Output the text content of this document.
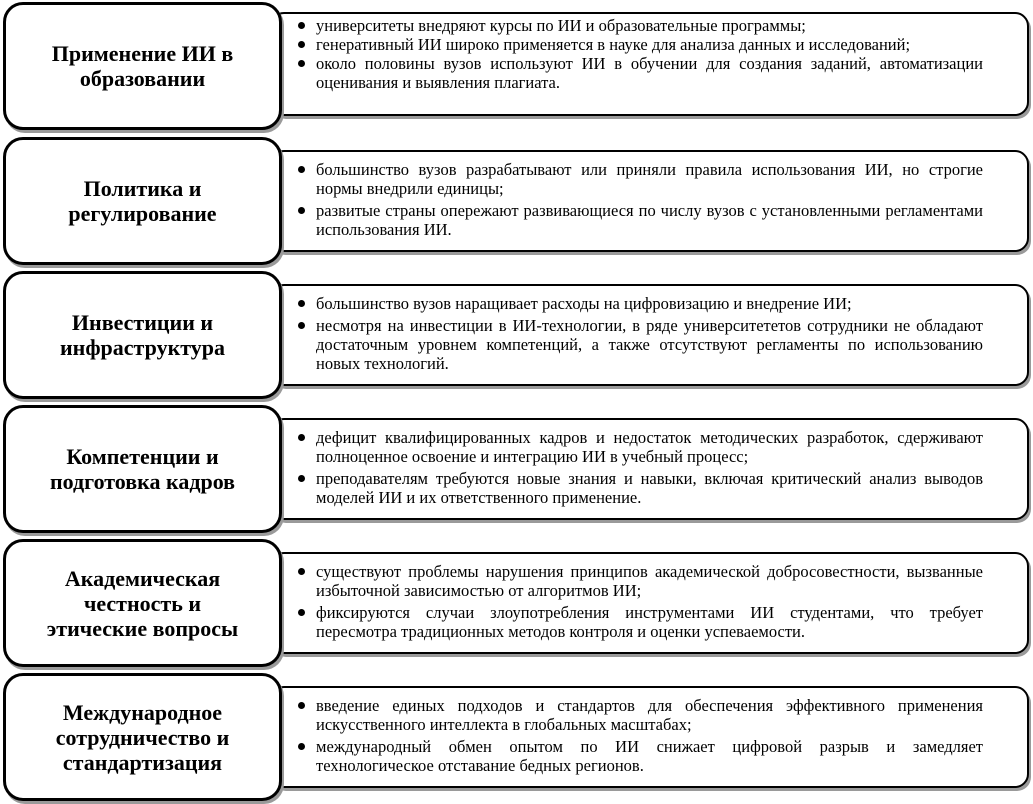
Применение ИИ в образовании
университеты внедряют курсы по ИИ и образовательные программы;
генеративный ИИ широко применяется в науке для анализа данных и исследований;
около половины вузов используют ИИ в обучении для создания заданий, автоматизации оценивания и выявления плагиата.
Политика и регулирование
большинство вузов разрабатывают или приняли правила использования ИИ, но строгие нормы внедрили единицы;
развитые страны опережают развивающиеся по числу вузов с установленными регламентами использования ИИ.
Инвестиции и инфраструктура
большинство вузов наращивает расходы на цифровизацию и внедрение ИИ;
несмотря на инвестиции в ИИ-технологии, в ряде университететов сотрудники не обладают достаточным уровнем компетенций, а также отсутствуют регламенты по использованию новых технологий.
Компетенции и подготовка кадров
дефицит квалифицированных кадров и недостаток методических разработок, сдерживают полноценное освоение и интеграцию ИИ в учебный процесс;
преподавателям требуются новые знания и навыки, включая критический анализ выводов моделей ИИ и их ответственного применение.
Академическая честность и этические вопросы
существуют проблемы нарушения принципов академической добросовестности, вызванные избыточной зависимостью от алгоритмов ИИ;
фиксируются случаи злоупотребления инструментами ИИ студентами, что требует пересмотра традиционных методов контроля и оценки успеваемости.
Международное сотрудничество и стандартизация
введение единых подходов и стандартов для обеспечения эффективного применения искусственного интеллекта в глобальных масштабах;
международный обмен опытом по ИИ снижает цифровой разрыв и замедляет технологическое отставание бедных регионов.
